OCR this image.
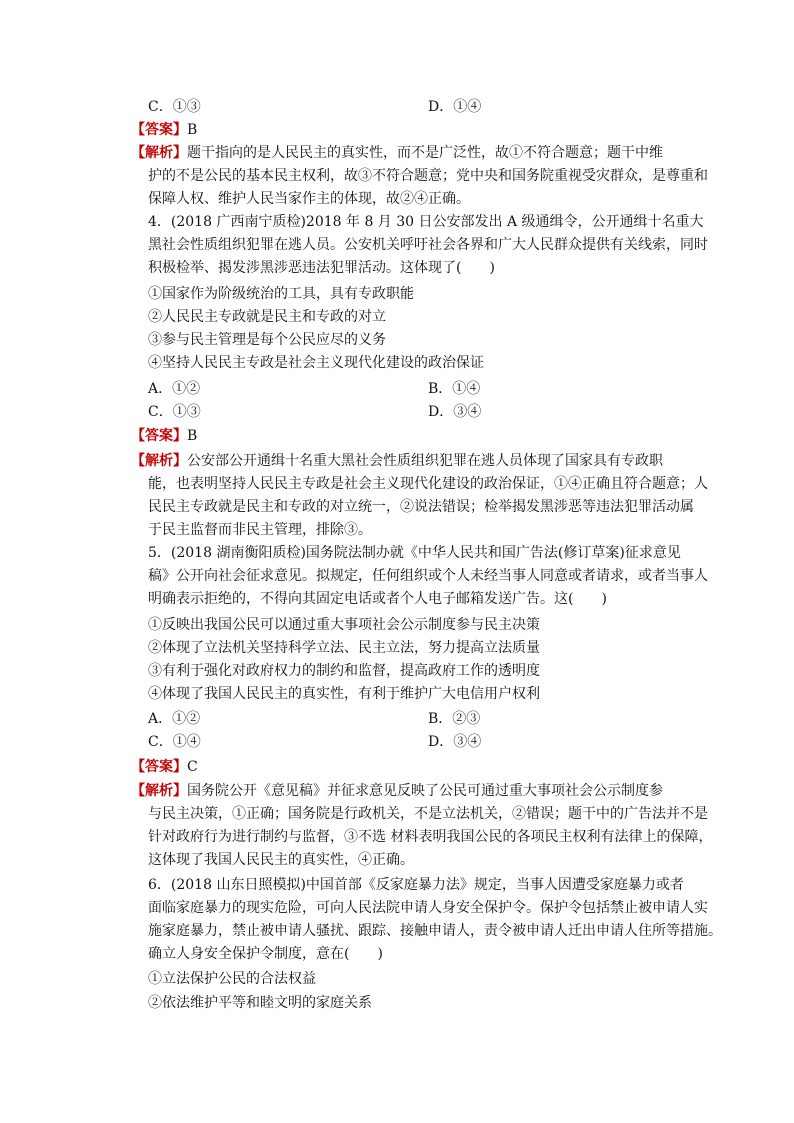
C．①③	D．①④
【答案】B
【解析】题干指向的是人民民主的真实性，而不是广泛性，故①不符合题意；题干中维
护的不是公民的基本民主权利，故③不符合题意；党中央和国务院重视受灾群众，是尊重和
保障人权、维护人民当家作主的体现，故②④正确。
4．(2018 广西南宁质检)2018 年 8 月 30 日公安部发出 A 级通缉令，公开通缉十名重大
黑社会性质组织犯罪在逃人员。公安机关呼吁社会各界和广大人民群众提供有关线索，同时
积极检举、揭发涉黑涉恶违法犯罪活动。这体现了(　　)
①国家作为阶级统治的工具，具有专政职能
②人民民主专政就是民主和专政的对立
③参与民主管理是每个公民应尽的义务
④坚持人民民主专政是社会主义现代化建设的政治保证
A．①②	B．①④
C．①③	D．③④
【答案】B
【解析】公安部公开通缉十名重大黑社会性质组织犯罪在逃人员体现了国家具有专政职
能，也表明坚持人民民主专政是社会主义现代化建设的政治保证，①④正确且符合题意；人
民民主专政就是民主和专政的对立统一，②说法错误；检举揭发黑涉恶等违法犯罪活动属
于民主监督而非民主管理，排除③。
5．(2018 湖南衡阳质检)国务院法制办就《中华人民共和国广告法(修订草案)征求意见
稿》公开向社会征求意见。拟规定，任何组织或个人未经当事人同意或者请求，或者当事人
明确表示拒绝的，不得向其固定电话或者个人电子邮箱发送广告。这(　　)
①反映出我国公民可以通过重大事项社会公示制度参与民主决策
②体现了立法机关坚持科学立法、民主立法，努力提高立法质量
③有利于强化对政府权力的制约和监督，提高政府工作的透明度
④体现了我国人民民主的真实性，有利于维护广大电信用户权利
A．①②	B．②③
C．①④	D．③④
【答案】C
【解析】国务院公开《意见稿》并征求意见反映了公民可通过重大事项社会公示制度参
与民主决策，①正确；国务院是行政机关，不是立法机关，②错误；题干中的广告法并不是
针对政府行为进行制约与监督，③不选 材料表明我国公民的各项民主权利有法律上的保障，
这体现了我国人民民主的真实性，④正确。
6．(2018 山东日照模拟)中国首部《反家庭暴力法》规定，当事人因遭受家庭暴力或者
面临家庭暴力的现实危险，可向人民法院申请人身安全保护令。保护令包括禁止被申请人实
施家庭暴力，禁止被申请人骚扰、跟踪、接触申请人，责令被申请人迁出申请人住所等措施。
确立人身安全保护令制度，意在(　　)
①立法保护公民的合法权益
②依法维护平等和睦文明的家庭关系
